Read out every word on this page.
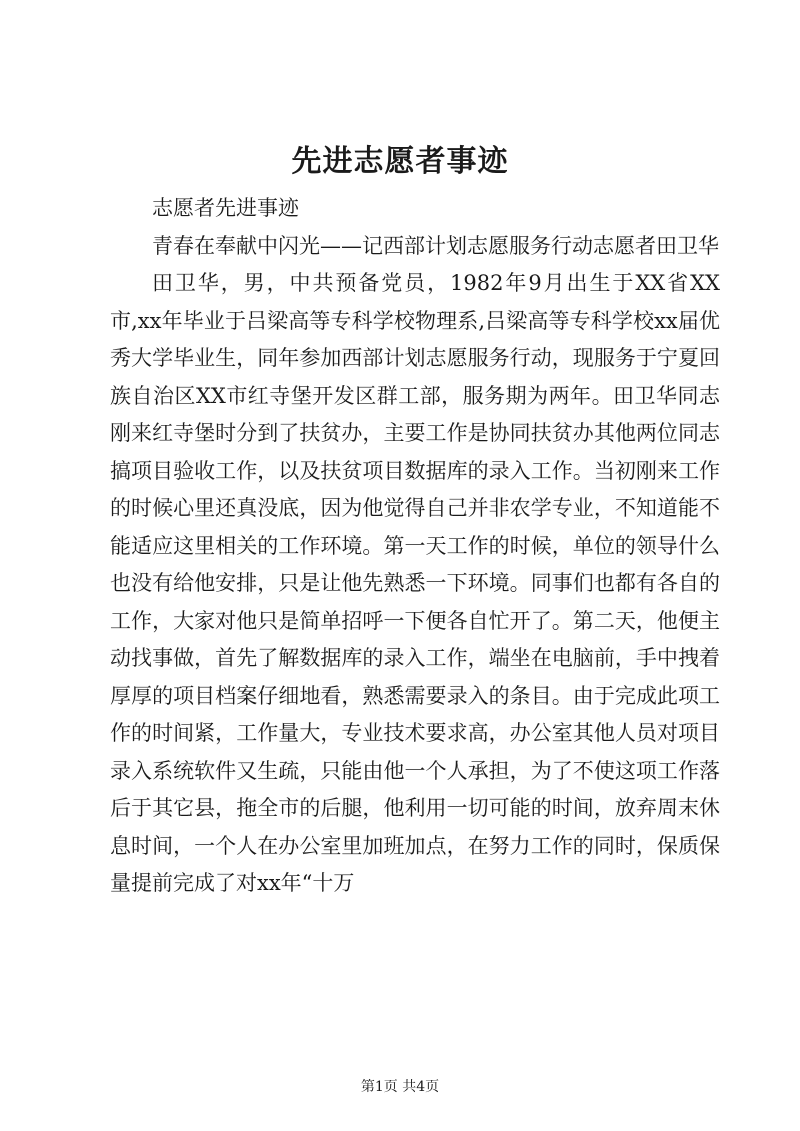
先进志愿者事迹

志愿者先进事迹

青春在奉献中闪光——记西部计划志愿服务行动志愿者田卫华

田卫华，男，中共预备党员，1982年9月出生于XX省XX市,xx年毕业于吕梁高等专科学校物理系,吕梁高等专科学校xx届优秀大学毕业生，同年参加西部计划志愿服务行动，现服务于宁夏回族自治区XX市红寺堡开发区群工部，服务期为两年。田卫华同志刚来红寺堡时分到了扶贫办，主要工作是协同扶贫办其他两位同志搞项目验收工作，以及扶贫项目数据库的录入工作。当初刚来工作的时候心里还真没底，因为他觉得自己并非农学专业，不知道能不能适应这里相关的工作环境。第一天工作的时候，单位的领导什么也没有给他安排，只是让他先熟悉一下环境。同事们也都有各自的工作，大家对他只是简单招呼一下便各自忙开了。第二天，他便主动找事做，首先了解数据库的录入工作，端坐在电脑前，手中拽着厚厚的项目档案仔细地看，熟悉需要录入的条目。由于完成此项工作的时间紧，工作量大，专业技术要求高，办公室其他人员对项目录入系统软件又生疏，只能由他一个人承担，为了不使这项工作落后于其它县，拖全市的后腿，他利用一切可能的时间，放弃周末休息时间，一个人在办公室里加班加点，在努力工作的同时，保质保量提前完成了对xx年“十万

第1页 共4页
